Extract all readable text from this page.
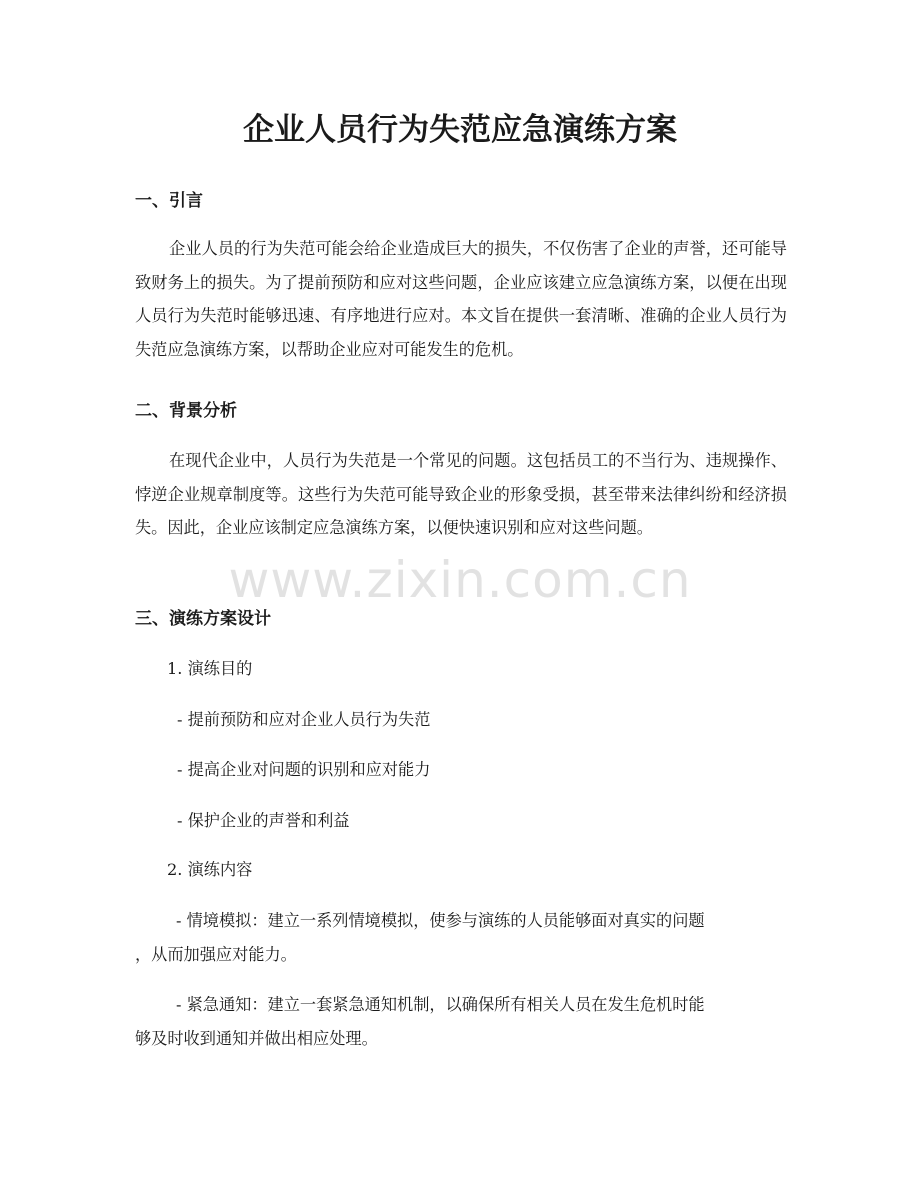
企业人员行为失范应急演练方案
一、引言

企业人员的行为失范可能会给企业造成巨大的损失，不仅伤害了企业的声誉，还可能导致财务上的损失。为了提前预防和应对这些问题，企业应该建立应急演练方案，以便在出现人员行为失范时能够迅速、有序地进行应对。本文旨在提供一套清晰、准确的企业人员行为失范应急演练方案，以帮助企业应对可能发生的危机。

二、背景分析

在现代企业中，人员行为失范是一个常见的问题。这包括员工的不当行为、违规操作、悖逆企业规章制度等。这些行为失范可能导致企业的形象受损，甚至带来法律纠纷和经济损失。因此，企业应该制定应急演练方案，以便快速识别和应对这些问题。

www.zixin.com.cn
三、演练方案设计

1. 演练目的

- 提前预防和应对企业人员行为失范

- 提高企业对问题的识别和应对能力

- 保护企业的声誉和利益

2. 演练内容

- 情境模拟：建立一系列情境模拟，使参与演练的人员能够面对真实的问题
，从而加强应对能力。
- 紧急通知：建立一套紧急通知机制，以确保所有相关人员在发生危机时能
够及时收到通知并做出相应处理。
